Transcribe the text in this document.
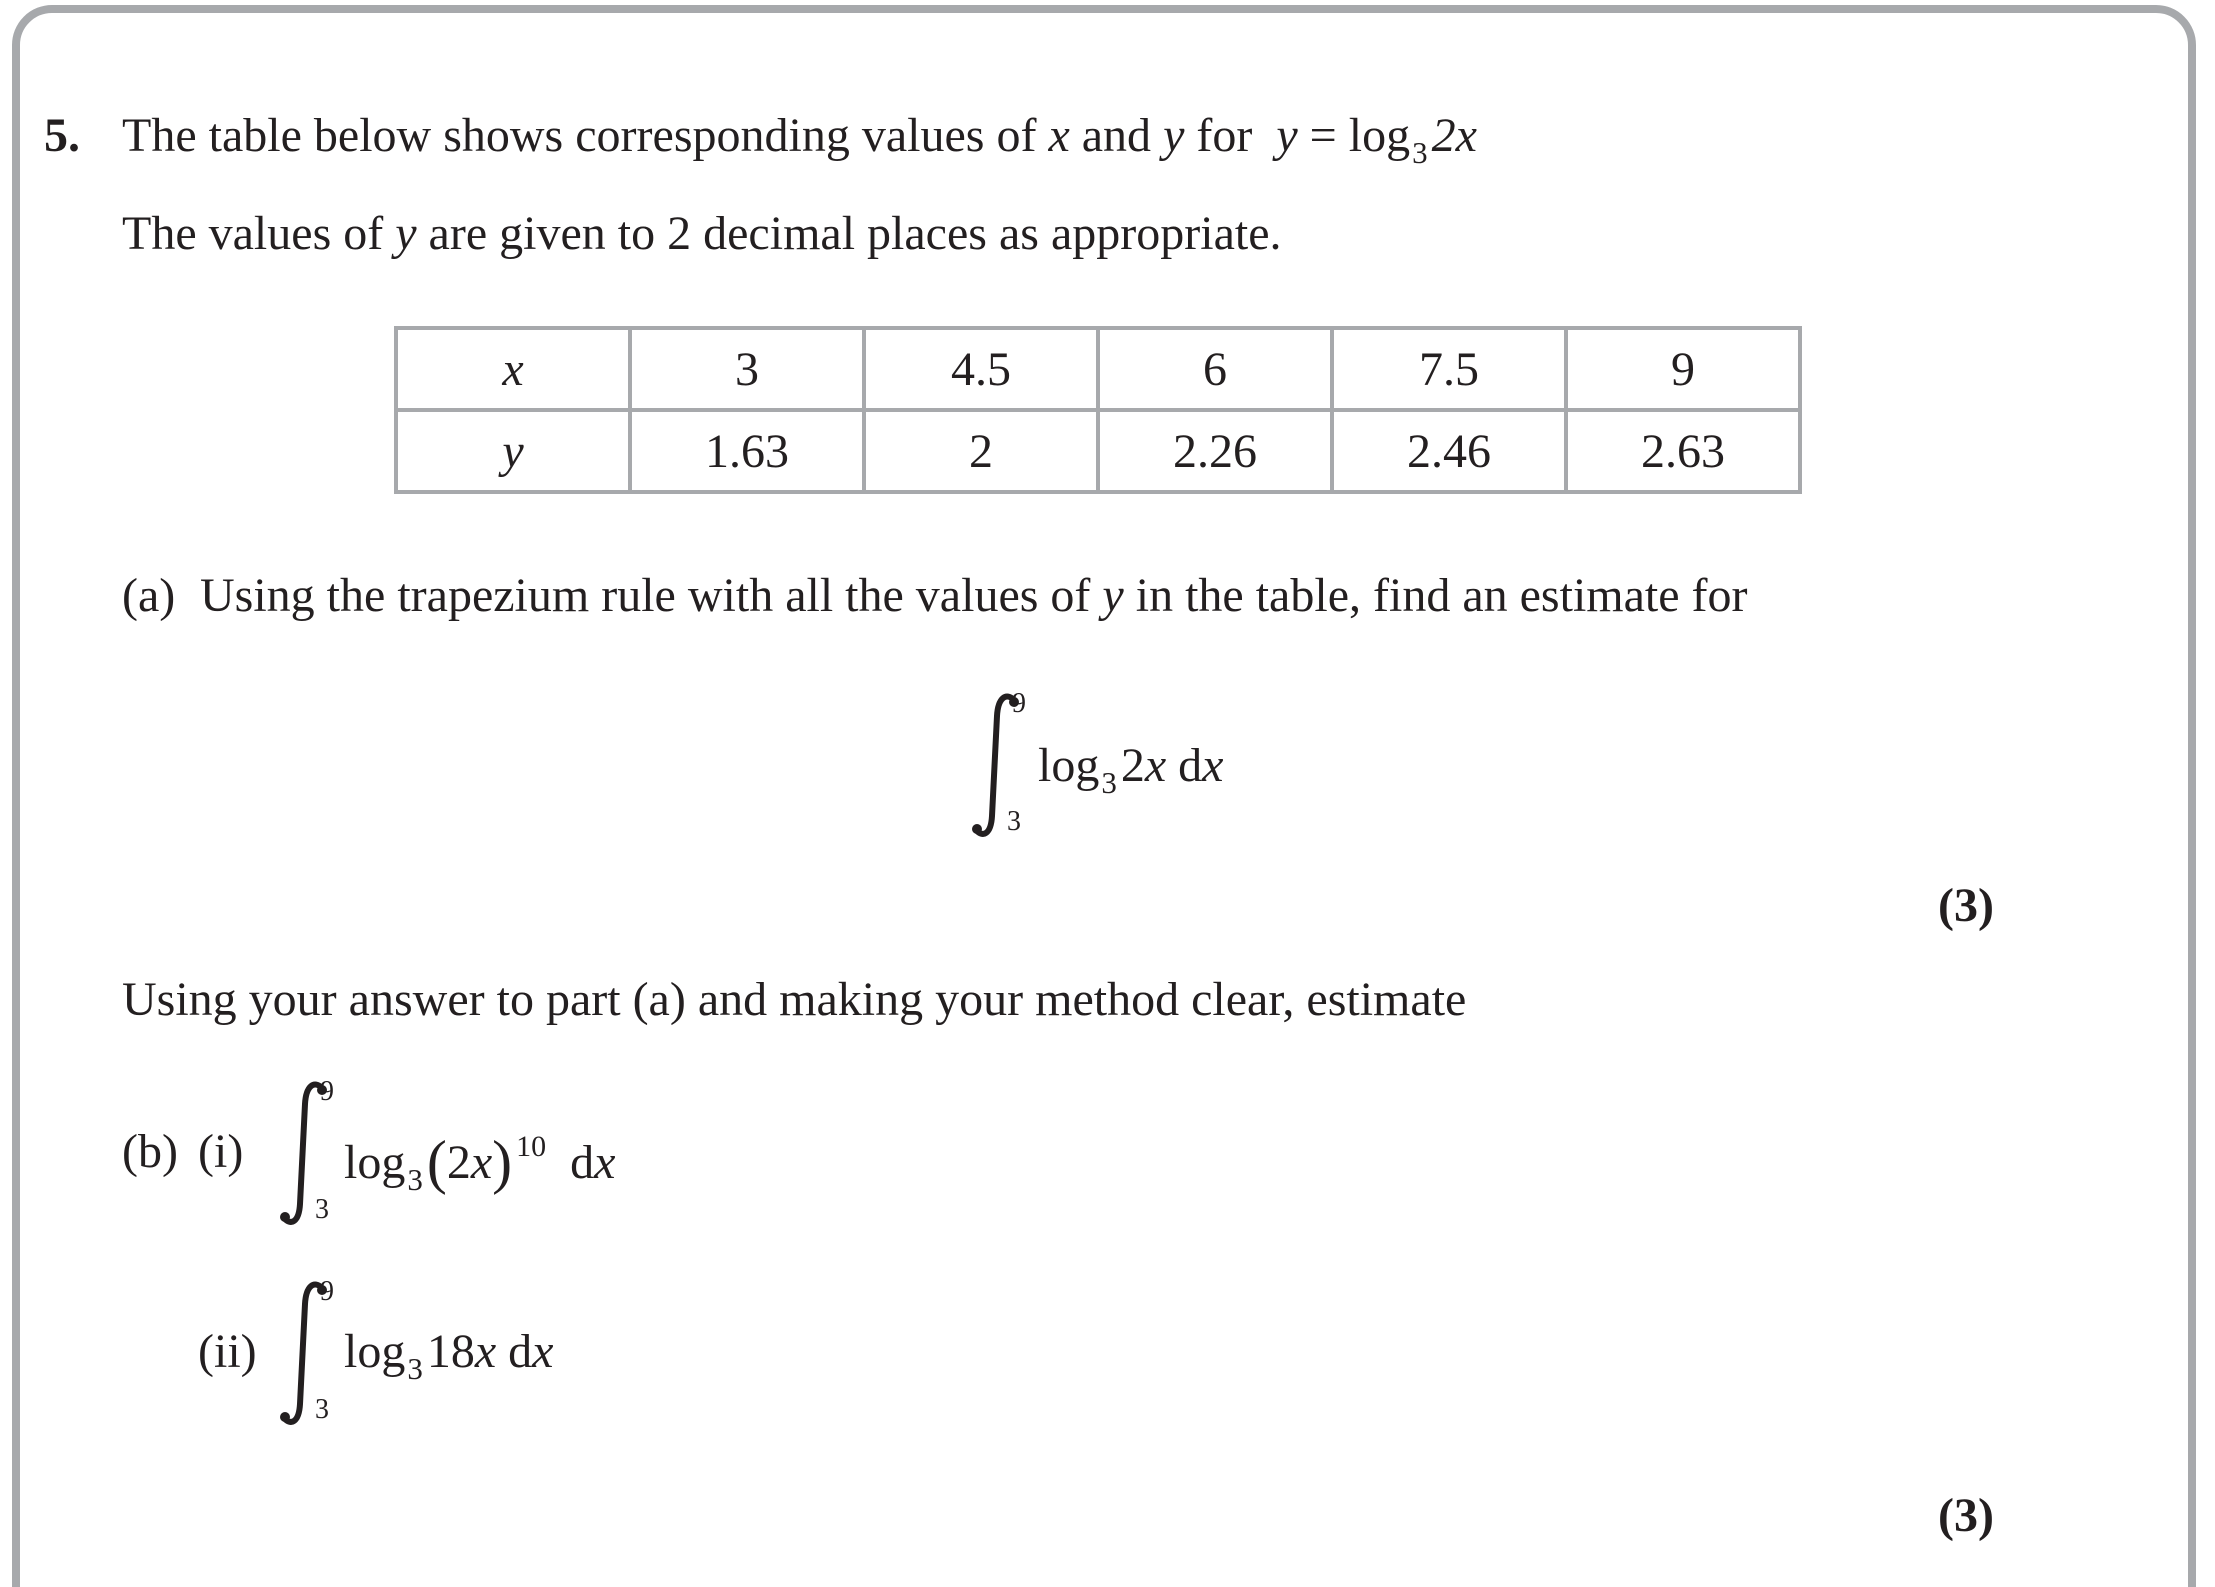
5. The table below shows corresponding values of x and y for $y = \log_32x$
The values of y are given to 2 decimal places as appropriate.
x	3	4.5	6	7.5	9
y	1.63	2	2.26	2.46	2.63
(a) Using the trapezium rule with all the values of y in the table, find an estimate for
9
3
$\log_32x$ dx
(3)
Using your answer to part (a) and making your method clear, estimate
(b) (i)
9
3
$\log_3(2x)$ $^{10}$ dx
(ii)
9
3
$\log_318x$ dx
(3)
